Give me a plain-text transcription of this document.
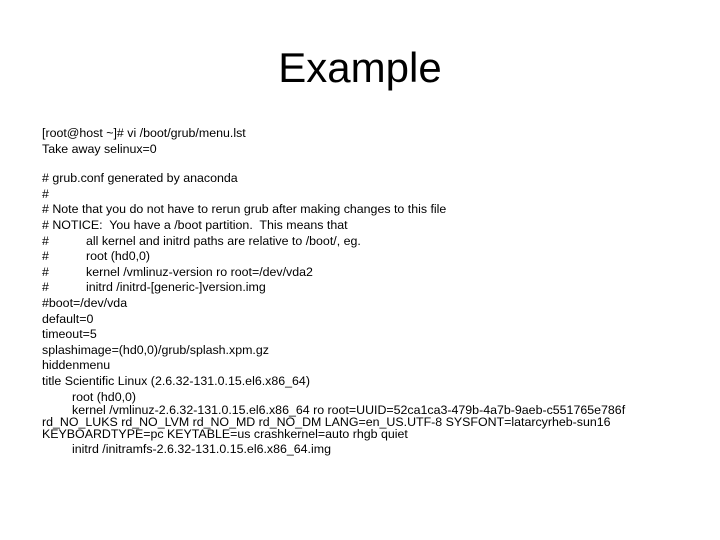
Example
[root@host ~]# vi /boot/grub/menu.lst
Take away selinux=0
# grub.conf generated by anaconda
#
# Note that you do not have to rerun grub after making changes to this file
# NOTICE:  You have a /boot partition.  This means that
#	all kernel and initrd paths are relative to /boot/, eg.
#	root (hd0,0)
#	kernel /vmlinuz-version ro root=/dev/vda2
#	initrd /initrd-[generic-]version.img
#boot=/dev/vda
default=0
timeout=5
splashimage=(hd0,0)/grub/splash.xpm.gz
hiddenmenu
title Scientific Linux (2.6.32-131.0.15.el6.x86_64)
root (hd0,0)
kernel /vmlinuz-2.6.32-131.0.15.el6.x86_64 ro root=UUID=52ca1ca3-479b-4a7b-9aeb-c551765e786f
rd_NO_LUKS rd_NO_LVM rd_NO_MD rd_NO_DM LANG=en_US.UTF-8 SYSFONT=latarcyrheb-sun16
KEYBOARDTYPE=pc KEYTABLE=us crashkernel=auto rhgb quiet
initrd /initramfs-2.6.32-131.0.15.el6.x86_64.img
